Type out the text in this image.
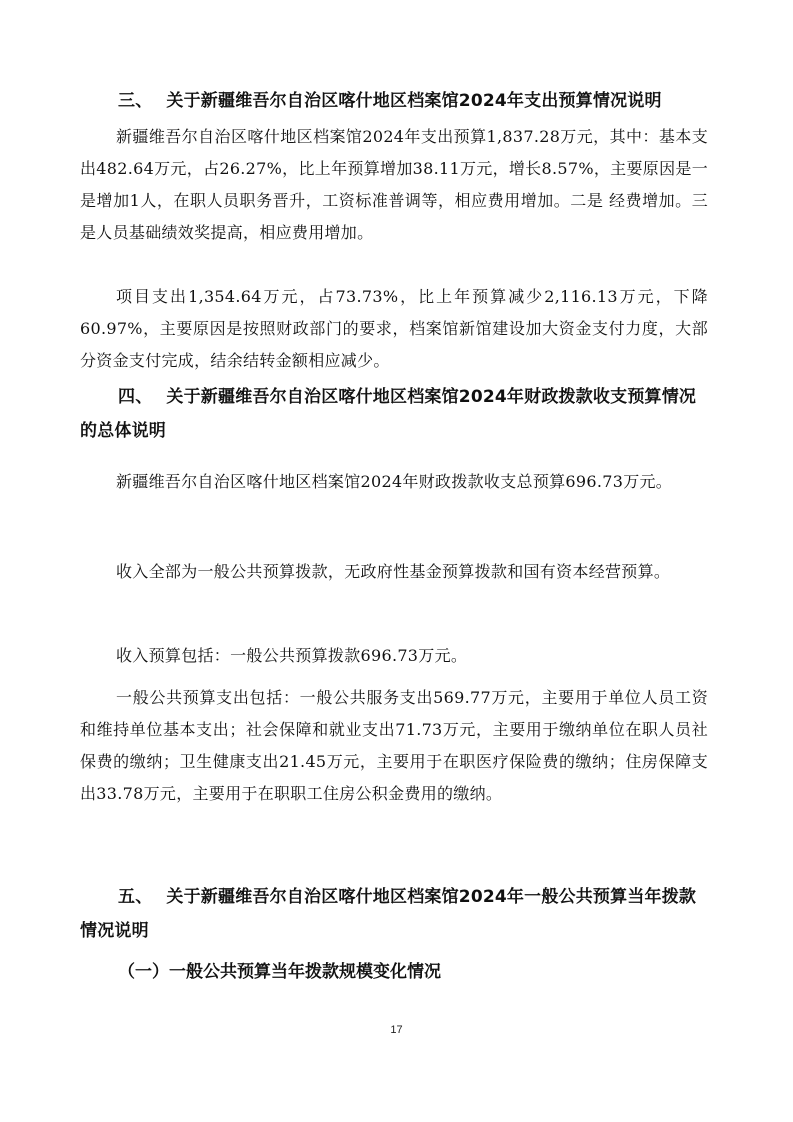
三、 关于新疆维吾尔自治区喀什地区档案馆2024年支出预算情况说明

新疆维吾尔自治区喀什地区档案馆2024年支出预算1,837.28万元，其中：基本支出482.64万元，占26.27%，比上年预算增加38.11万元，增长8.57%，主要原因是一是增加1人，在职人员职务晋升，工资标准普调等，相应费用增加。二是 经费增加。三是人员基础绩效奖提高，相应费用增加。

项目支出1,354.64万元，占73.73%，比上年预算减少2,116.13万元，下降60.97%，主要原因是按照财政部门的要求，档案馆新馆建设加大资金支付力度，大部分资金支付完成，结余结转金额相应减少。

四、 关于新疆维吾尔自治区喀什地区档案馆2024年财政拨款收支预算情况的总体说明

新疆维吾尔自治区喀什地区档案馆2024年财政拨款收支总预算696.73万元。

收入全部为一般公共预算拨款，无政府性基金预算拨款和国有资本经营预算。

收入预算包括：一般公共预算拨款696.73万元。

一般公共预算支出包括：一般公共服务支出569.77万元，主要用于单位人员工资和维持单位基本支出；社会保障和就业支出71.73万元，主要用于缴纳单位在职人员社保费的缴纳；卫生健康支出21.45万元，主要用于在职医疗保险费的缴纳；住房保障支出33.78万元，主要用于在职职工住房公积金费用的缴纳。

五、 关于新疆维吾尔自治区喀什地区档案馆2024年一般公共预算当年拨款情况说明
（一）一般公共预算当年拨款规模变化情况
17
